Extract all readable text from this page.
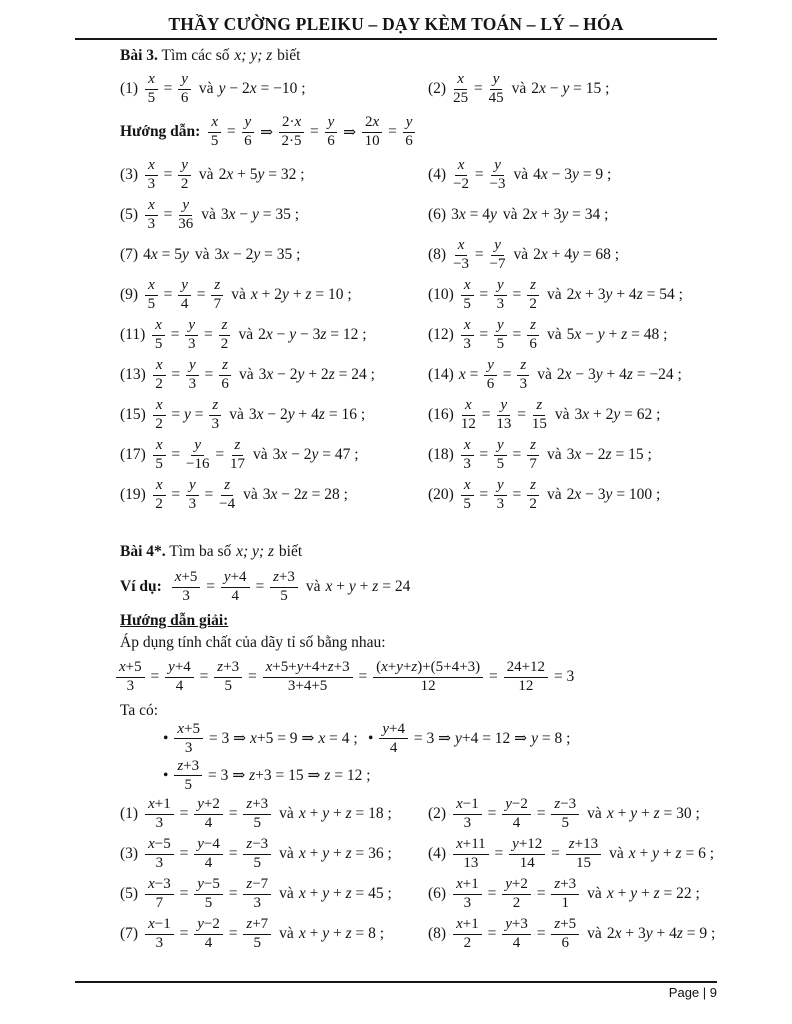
THẦY CƯỜNG PLEIKU – DẠY KÈM TOÁN – LÝ – HÓA
Bài 3. Tìm các số x; y; z biết
$(1) \frac{x}{5} = \frac{y}{6}$ và y − 2x = −10 ;	$(2) \frac{x}{25} = \frac{y}{45}$ và 2x − y = 15 ;
Hướng dẫn: $\frac{x}{5} = \frac{y}{6}$ ⇒ $\frac{2\cdot x}{2\cdot 5} = \frac{y}{6}$ ⇒ $\frac{2x}{10} = \frac{y}{6}$
$(3) \frac{x}{3} = \frac{y}{2}$ và 2x + 5y = 32 ;	$(4) \frac{x}{-2} = \frac{y}{-3}$ và 4x − 3y = 9 ;
$(5) \frac{x}{3} = \frac{y}{36}$ và 3x − y = 35 ;	(6) 3x = 4y và 2x + 3y = 34 ;
(7) 4x = 5y và 3x − 2y = 35 ;	$(8) \frac{x}{-3} = \frac{y}{-7}$ và 2x + 4y = 68 ;
$(9) \frac{x}{5} = \frac{y}{4} = \frac{z}{7}$ và x + 2y + z = 10 ;	$(10) \frac{x}{5} = \frac{y}{3} = \frac{z}{2}$ và 2x + 3y + 4z = 54 ;
$(11) \frac{x}{5} = \frac{y}{3} = \frac{z}{2}$ và 2x − y − 3z = 12 ;	$(12) \frac{x}{3} = \frac{y}{5} = \frac{z}{6}$ và 5x − y + z = 48 ;
$(13) \frac{x}{2} = \frac{y}{3} = \frac{z}{6}$ và 3x − 2y + 2z = 24 ;	(14) $x = \frac{y}{6} = \frac{z}{3}$ và 2x − 3y + 4z = −24 ;
$(15) \frac{x}{2} = y = \frac{z}{3}$ và 3x − 2y + 4z = 16 ;	$(16) \frac{x}{12} = \frac{y}{13} = \frac{z}{15}$ và 3x + 2y = 62 ;
$(17) \frac{x}{5} = \frac{y}{-16} = \frac{z}{17}$ và 3x − 2y = 47 ;	$(18) \frac{x}{3} = \frac{y}{5} = \frac{z}{7}$ và 3x − 2z = 15 ;
$(19) \frac{x}{2} = \frac{y}{3} = \frac{z}{-4}$ và 3x − 2z = 28 ;	$(20) \frac{x}{5} = \frac{y}{3} = \frac{z}{2}$ và 2x − 3y = 100 ;
Bài 4*. Tìm ba số x; y; z biết
Ví dụ: $\frac{x+5}{3} = \frac{y+4}{4} = \frac{z+3}{5}$ và x + y + z = 24
Hướng dẫn giải:
Áp dụng tính chất của dãy tỉ số bằng nhau:
$\frac{x+5}{3} = \frac{y+4}{4} = \frac{z+3}{5} = \frac{x+5+y+4+z+3}{3+4+5} = \frac{(x+y+z)+(5+4+3)}{12} = \frac{24+12}{12} = 3$
Ta có:
• $\frac{x+5}{3} = 3$ ⇒ x+5 = 9 ⇒ x = 4 ; • $\frac{y+4}{4} = 3$ ⇒ y+4 = 12 ⇒ y = 8 ;
• $\frac{z+3}{5} = 3$ ⇒ z+3 = 15 ⇒ z = 12 ;
$(1) \frac{x+1}{3} = \frac{y+2}{4} = \frac{z+3}{5}$ và x + y + z = 18 ; $(2) \frac{x-1}{3} = \frac{y-2}{4} = \frac{z-3}{5}$ và x + y + z = 30 ;
$(3) \frac{x-5}{3} = \frac{y-4}{4} = \frac{z-3}{5}$ và x + y + z = 36 ; $(4) \frac{x+11}{13} = \frac{y+12}{14} = \frac{z+13}{15}$ và x + y + z = 6 ;
$(5) \frac{x-3}{7} = \frac{y-5}{5} = \frac{z-7}{3}$ và x + y + z = 45 ; $(6) \frac{x+1}{3} = \frac{y+2}{2} = \frac{z+3}{1}$ và x + y + z = 22 ;
$(7) \frac{x-1}{3} = \frac{y-2}{4} = \frac{z+7}{5}$ và x + y + z = 8 ;	$(8) \frac{x+1}{2} = \frac{y+3}{4} = \frac{z+5}{6}$ và 2x + 3y + 4z = 9 ;
Page | 9
